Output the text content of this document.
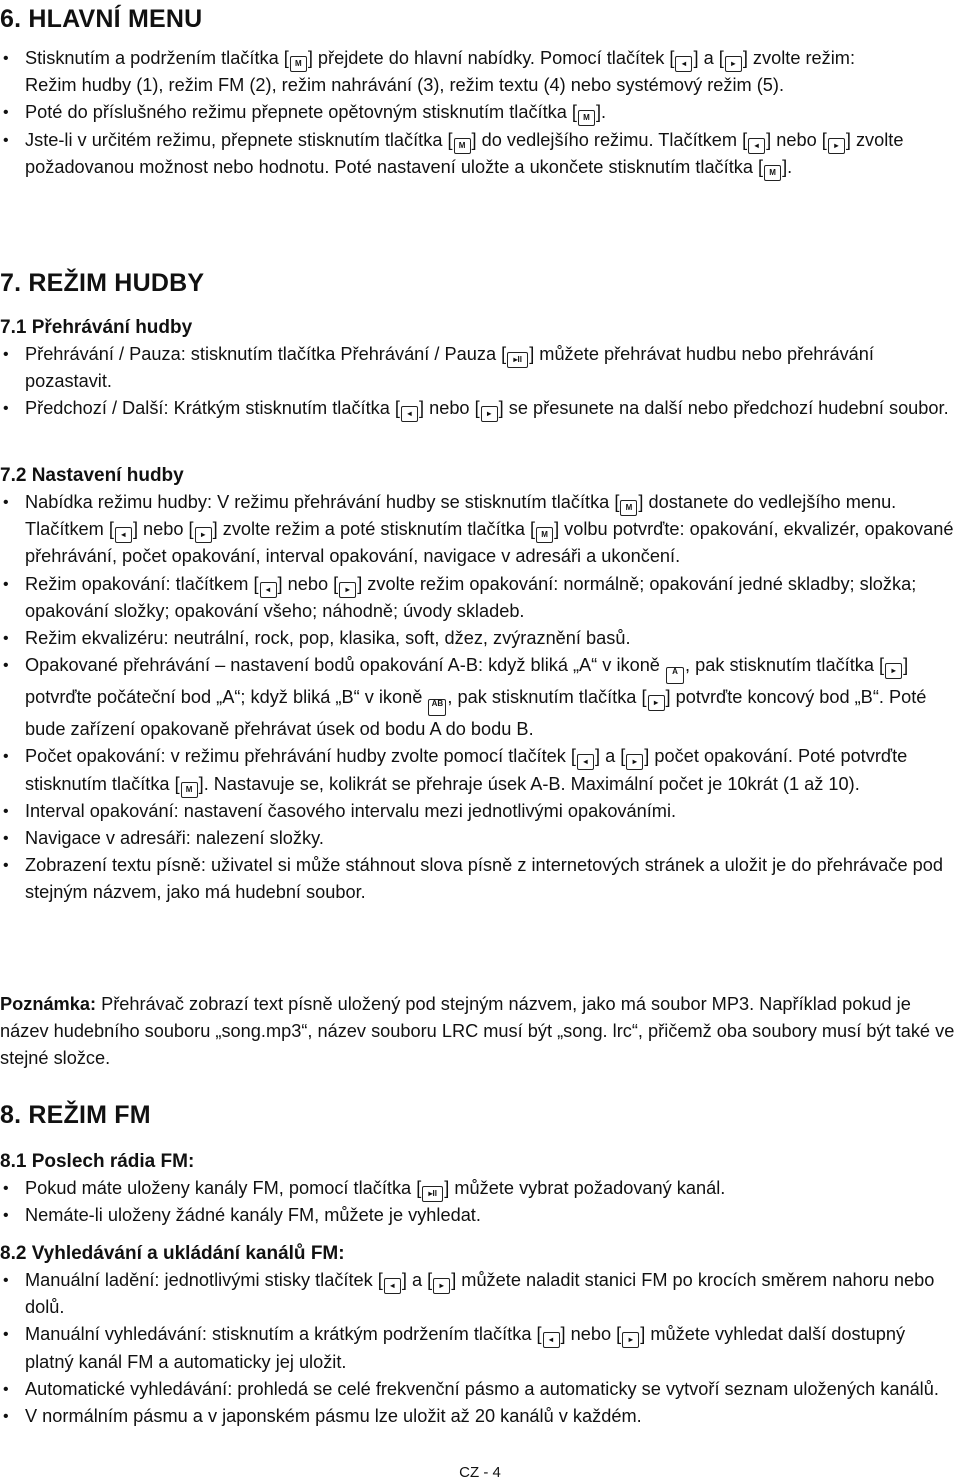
6. HLAVNÍ MENU
• Stisknutím a podržením tlačítka [ M ] přejdete do hlavní nabídky. Pomocí tlačítek [ ◂ ] a [ ▸ ] zvolte režim:
Režim hudby (1), režim FM (2), režim nahrávání (3), režim textu (4) nebo systémový režim (5).
• Poté do příslušného režimu přepnete opětovným stisknutím tlačítka [ M ].
• Jste-li v určitém režimu, přepnete stisknutím tlačítka [ M ] do vedlejšího režimu. Tlačítkem [ ◂ ] nebo [ ▸ ] zvolte požadovanou možnost nebo hodnotu. Poté nastavení uložte a ukončete stisknutím tlačítka [ M ].
7. REŽIM HUDBY
7.1 Přehrávání hudby
• Přehrávání / Pauza: stisknutím tlačítka Přehrávání / Pauza [ ▸II ] můžete přehrávat hudbu nebo přehrávání pozastavit.
• Předchozí / Další: Krátkým stisknutím tlačítka [ ◂ ] nebo [ ▸ ] se přesunete na další nebo předchozí hudební soubor.
7.2 Nastavení hudby
• Nabídka režimu hudby: V režimu přehrávání hudby se stisknutím tlačítka [ M ] dostanete do vedlejšího menu. Tlačítkem [ ◂ ] nebo [ ▸ ] zvolte režim a poté stisknutím tlačítka [ M ] volbu potvrďte: opakování, ekvalizér, opakované přehrávání, počet opakování, interval opakování, navigace v adresáři a ukončení.
• Režim opakování: tlačítkem [ ◂ ] nebo [ ▸ ] zvolte režim opakování: normálně; opakování jedné skladby; složka; opakování složky; opakování všeho; náhodně; úvody skladeb.
• Režim ekvalizéru: neutrální, rock, pop, klasika, soft, džez, zvýraznění basů.
• Opakované přehrávání – nastavení bodů opakování A-B: když bliká „A“ v ikoně A , pak stisknutím tlačítka [ ▸ ] potvrďte počáteční bod „A“; když bliká „B“ v ikoně AB , pak stisknutím tlačítka [ ▸ ] potvrďte koncový bod „B“. Poté bude zařízení opakovaně přehrávat úsek od bodu A do bodu B.
• Počet opakování: v režimu přehrávání hudby zvolte pomocí tlačítek [ ◂ ] a [ ▸ ] počet opakování. Poté potvrďte stisknutím tlačítka [ M ]. Nastavuje se, kolikrát se přehraje úsek A-B. Maximální počet je 10krát (1 až 10).
• Interval opakování: nastavení časového intervalu mezi jednotlivými opakováními.
• Navigace v adresáři: nalezení složky.
• Zobrazení textu písně: uživatel si může stáhnout slova písně z internetových stránek a uložit je do přehrávače pod stejným názvem, jako má hudební soubor.

Poznámka: Přehrávač zobrazí text písně uložený pod stejným názvem, jako má soubor MP3. Například pokud je název hudebního souboru „song.mp3“, název souboru LRC musí být „song. lrc“, přičemž oba soubory musí být také ve stejné složce.

8. REŽIM FM
8.1 Poslech rádia FM:
• Pokud máte uloženy kanály FM, pomocí tlačítka [ ▸II ] můžete vybrat požadovaný kanál.
• Nemáte-li uloženy žádné kanály FM, můžete je vyhledat.
8.2 Vyhledávání a ukládání kanálů FM:
• Manuální ladění: jednotlivými stisky tlačítek [ ◂ ] a [ ▸ ] můžete naladit stanici FM po krocích směrem nahoru nebo dolů.
• Manuální vyhledávání: stisknutím a krátkým podržením tlačítka [ ◂ ] nebo [ ▸ ] můžete vyhledat další dostupný platný kanál FM a automaticky jej uložit.
• Automatické vyhledávání: prohledá se celé frekvenční pásmo a automaticky se vytvoří seznam uložených kanálů.
• V normálním pásmu a v japonském pásmu lze uložit až 20 kanálů v každém.
CZ - 4
